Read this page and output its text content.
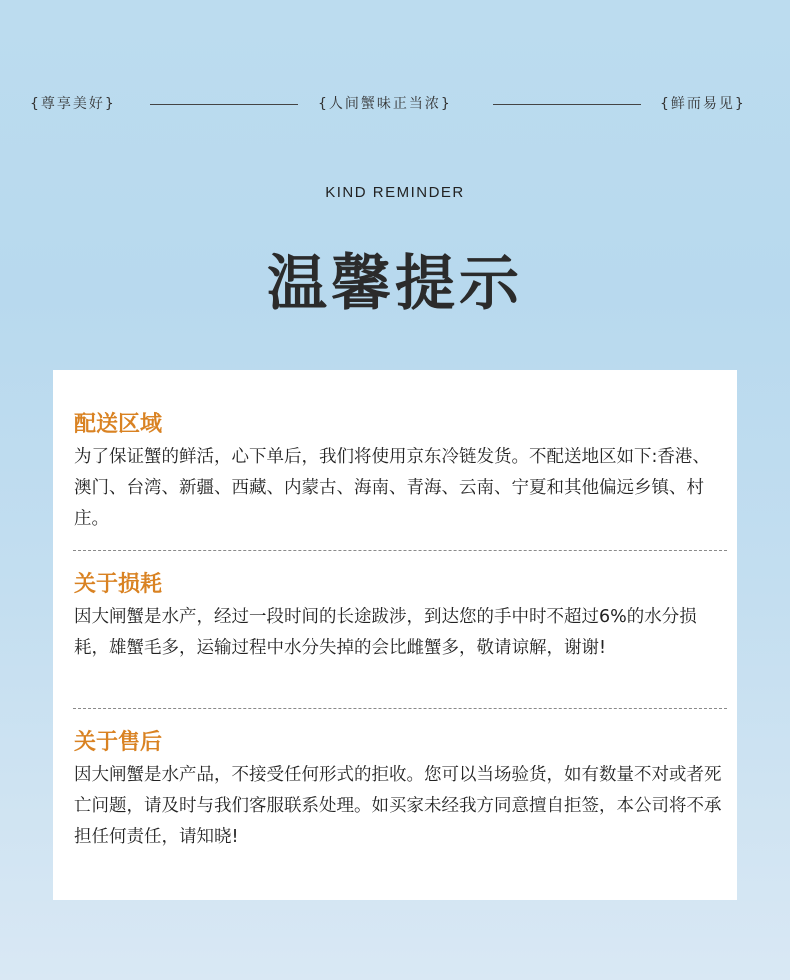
{尊享美好}	{人间蟹味正当浓}	{鲜而易见}
KIND REMINDER
温馨提示

配送区域

为了保证蟹的鲜活，心下单后，我们将使用京东冷链发货。不配送地区如下:香港、澳门、台湾、新疆、西藏、内蒙古、海南、青海、云南、宁夏和其他偏远乡镇、村庄。

关于损耗

因大闸蟹是水产，经过一段时间的长途跋涉，到达您的手中时不超过6%的水分损耗，雄蟹毛多，运输过程中水分失掉的会比雌蟹多，敬请谅解，谢谢!

关于售后

因大闸蟹是水产品，不接受任何形式的拒收。您可以当场验货，如有数量不对或者死亡问题，请及时与我们客服联系处理。如买家未经我方同意擅自拒签，本公司将不承担任何责任，请知晓!
